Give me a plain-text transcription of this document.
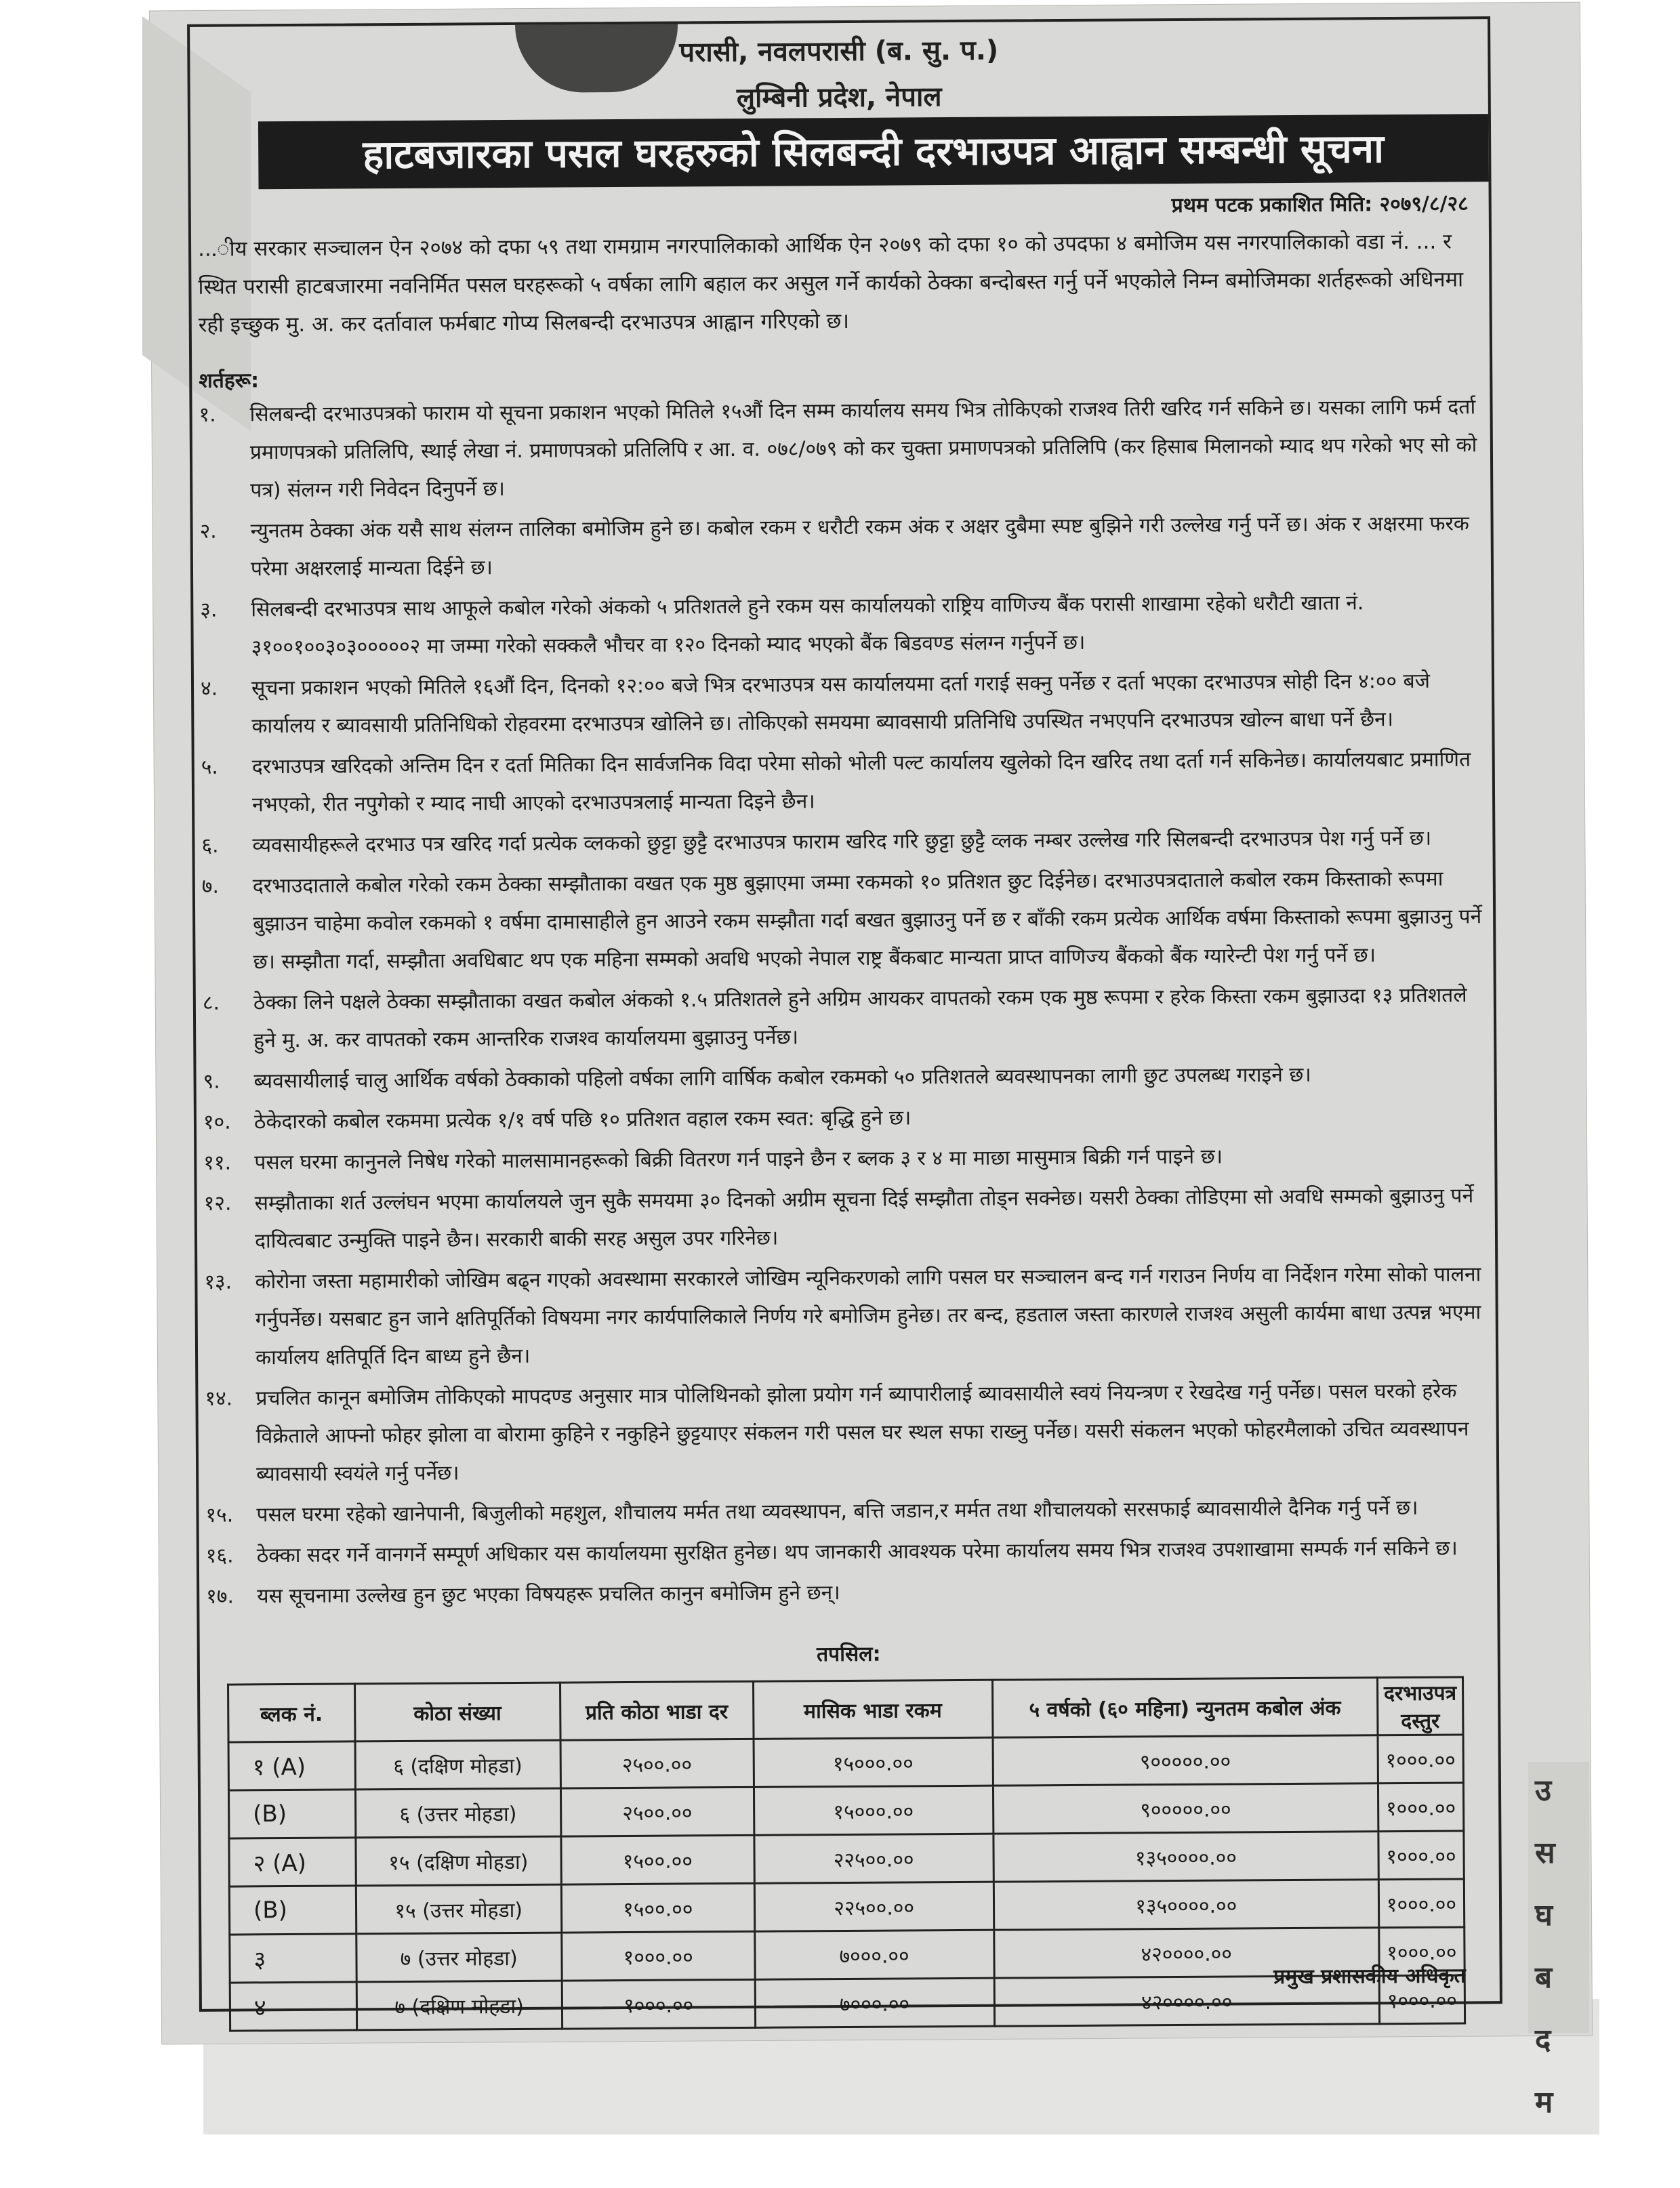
उ
स
घ
ब
द
म
परासी, नवलपरासी (ब. सु. प.)
लुम्बिनी प्रदेश, नेपाल
हाटबजारका पसल घरहरुको सिलबन्दी दरभाउपत्र आह्वान सम्बन्धी सूचना
प्रथम पटक प्रकाशित मिति: २०७९/८/२८
...ीय सरकार सञ्चालन ऐन २०७४ को दफा ५९ तथा रामग्राम नगरपालिकाको आर्थिक ऐन २०७९ को दफा १० को उपदफा ४ बमोजिम यस नगरपालिकाको वडा नं. ... र स्थित परासी हाटबजारमा नवनिर्मित पसल घरहरूको ५ वर्षका लागि बहाल कर असुल गर्ने कार्यको ठेक्का बन्दोबस्त गर्नु पर्ने भएकोले निम्न बमोजिमका शर्तहरूको अधिनमा रही इच्छुक मु. अ. कर दर्तावाल फर्मबाट गोप्य सिलबन्दी दरभाउपत्र आह्वान गरिएको छ।
शर्तहरू:
१.	सिलबन्दी दरभाउपत्रको फाराम यो सूचना प्रकाशन भएको मितिले १५औं दिन सम्म कार्यालय समय भित्र तोकिएको राजश्व तिरी खरिद गर्न सकिने छ। यसका लागि फर्म दर्ता प्रमाणपत्रको प्रतिलिपि, स्थाई लेखा नं. प्रमाणपत्रको प्रतिलिपि र आ. व. ०७८/०७९ को कर चुक्ता प्रमाणपत्रको प्रतिलिपि (कर हिसाब मिलानको म्याद थप गरेको भए सो को पत्र) संलग्न गरी निवेदन दिनुपर्ने छ।
२.	न्युनतम ठेक्का अंक यसै साथ संलग्न तालिका बमोजिम हुने छ। कबोल रकम र धरौटी रकम अंक र अक्षर दुबैमा स्पष्ट बुझिने गरी उल्लेख गर्नु पर्ने छ। अंक र अक्षरमा फरक परेमा अक्षरलाई मान्यता दिईने छ।
३.	सिलबन्दी दरभाउपत्र साथ आफूले कबोल गरेको अंकको ५ प्रतिशतले हुने रकम यस कार्यालयको राष्ट्रिय वाणिज्य बैंक परासी शाखामा रहेको धरौटी खाता नं. ३१००१००३०३०००००२ मा जम्मा गरेको सक्कलै भौचर वा १२० दिनको म्याद भएको बैंक बिडवण्ड संलग्न गर्नुपर्ने छ।
४.	सूचना प्रकाशन भएको मितिले १६औं दिन, दिनको १२:०० बजे भित्र दरभाउपत्र यस कार्यालयमा दर्ता गराई सक्नु पर्नेछ र दर्ता भएका दरभाउपत्र सोही दिन ४:०० बजे कार्यालय र ब्यावसायी प्रतिनिधिको रोहवरमा दरभाउपत्र खोलिने छ। तोकिएको समयमा ब्यावसायी प्रतिनिधि उपस्थित नभएपनि दरभाउपत्र खोल्न बाधा पर्ने छैन।
५.	दरभाउपत्र खरिदको अन्तिम दिन र दर्ता मितिका दिन सार्वजनिक विदा परेमा सोको भोली पल्ट कार्यालय खुलेको दिन खरिद तथा दर्ता गर्न सकिनेछ। कार्यालयबाट प्रमाणित नभएको, रीत नपुगेको र म्याद नाघी आएको दरभाउपत्रलाई मान्यता दिइने छैन।
६.	व्यवसायीहरूले दरभाउ पत्र खरिद गर्दा प्रत्येक व्लकको छुट्टा छुट्टै दरभाउपत्र फाराम खरिद गरि छुट्टा छुट्टै व्लक नम्बर उल्लेख गरि सिलबन्दी दरभाउपत्र पेश गर्नु पर्ने छ।
७.	दरभाउदाताले कबोल गरेको रकम ठेक्का सम्झौताका वखत एक मुष्ठ बुझाएमा जम्मा रकमको १० प्रतिशत छुट दिईनेछ। दरभाउपत्रदाताले कबोल रकम किस्ताको रूपमा बुझाउन चाहेमा कवोल रकमको १ वर्षमा दामासाहीले हुन आउने रकम सम्झौता गर्दा बखत बुझाउनु पर्ने छ र बाँकी रकम प्रत्येक आर्थिक वर्षमा किस्ताको रूपमा बुझाउनु पर्ने छ। सम्झौता गर्दा, सम्झौता अवधिबाट थप एक महिना सम्मको अवधि भएको नेपाल राष्ट्र बैंकबाट मान्यता प्राप्त वाणिज्य बैंकको बैंक ग्यारेन्टी पेश गर्नु पर्ने छ।
८.	ठेक्का लिने पक्षले ठेक्का सम्झौताका वखत कबोल अंकको १.५ प्रतिशतले हुने अग्रिम आयकर वापतको रकम एक मुष्ठ रूपमा र हरेक किस्ता रकम बुझाउदा १३ प्रतिशतले हुने मु. अ. कर वापतको रकम आन्तरिक राजश्व कार्यालयमा बुझाउनु पर्नेछ।
९.	ब्यवसायीलाई चालु आर्थिक वर्षको ठेक्काको पहिलो वर्षका लागि वार्षिक कबोल रकमको ५० प्रतिशतले ब्यवस्थापनका लागी छुट उपलब्ध गराइने छ।
१०.	ठेकेदारको कबोल रकममा प्रत्येक १/१ वर्ष पछि १० प्रतिशत वहाल रकम स्वत: बृद्धि हुने छ।
११.	पसल घरमा कानुनले निषेध गरेको मालसामानहरूको बिक्री वितरण गर्न पाइने छैन र ब्लक ३ र ४ मा माछा मासुमात्र बिक्री गर्न पाइने छ।
१२.	सम्झौताका शर्त उल्लंघन भएमा कार्यालयले जुन सुकै समयमा ३० दिनको अग्रीम सूचना दिई सम्झौता तोड्न सक्नेछ। यसरी ठेक्का तोडिएमा सो अवधि सम्मको बुझाउनु पर्ने दायित्वबाट उन्मुक्ति पाइने छैन। सरकारी बाकी सरह असुल उपर गरिनेछ।
१३.	कोरोना जस्ता महामारीको जोखिम बढ्न गएको अवस्थामा सरकारले जोखिम न्यूनिकरणको लागि पसल घर सञ्चालन बन्द गर्न गराउन निर्णय वा निर्देशन गरेमा सोको पालना गर्नुपर्नेछ। यसबाट हुन जाने क्षतिपूर्तिको विषयमा नगर कार्यपालिकाले निर्णय गरे बमोजिम हुनेछ। तर बन्द, हडताल जस्ता कारणले राजश्व असुली कार्यमा बाधा उत्पन्न भएमा कार्यालय क्षतिपूर्ति दिन बाध्य हुने छैन।
१४.	प्रचलित कानून बमोजिम तोकिएको मापदण्ड अनुसार मात्र पोलिथिनको झोला प्रयोग गर्न ब्यापारीलाई ब्यावसायीले स्वयं नियन्त्रण र रेखदेख गर्नु पर्नेछ। पसल घरको हरेक विक्रेताले आफ्नो फोहर झोला वा बोरामा कुहिने र नकुहिने छुट्टयाएर संकलन गरी पसल घर स्थल सफा राख्नु पर्नेछ। यसरी संकलन भएको फोहरमैलाको उचित व्यवस्थापन ब्यावसायी स्वयंले गर्नु पर्नेछ।
१५.	पसल घरमा रहेको खानेपानी, बिजुलीको महशुल, शौचालय मर्मत तथा व्यवस्थापन, बत्ति जडान,र मर्मत तथा शौचालयको सरसफाई ब्यावसायीले दैनिक गर्नु पर्ने छ।
१६.	ठेक्का सदर गर्ने वानगर्ने सम्पूर्ण अधिकार यस कार्यालयमा सुरक्षित हुनेछ। थप जानकारी आवश्यक परेमा कार्यालय समय भित्र राजश्व उपशाखामा सम्पर्क गर्न सकिने छ।
१७.	यस सूचनामा उल्लेख हुन छुट भएका विषयहरू प्रचलित कानुन बमोजिम हुने छन्।
तपसिल:
ब्लक नं.	कोठा संख्या	प्रति कोठा भाडा दर	मासिक भाडा रकम	५ वर्षको (६० महिना) न्युनतम कबोल अंक	दरभाउपत्र दस्तुर
१ (A)	६ (दक्षिण मोहडा)	२५००.००	१५०००.००	९०००००.००	१०००.००
(B)	६ (उत्तर मोहडा)	२५००.००	१५०००.००	९०००००.००	१०००.००
२ (A)	१५ (दक्षिण मोहडा)	१५००.००	२२५००.००	१३५००००.००	१०००.००
(B)	१५ (उत्तर मोहडा)	१५००.००	२२५००.००	१३५००००.००	१०००.००
३	७ (उत्तर मोहडा)	१०००.००	७०००.००	४२००००.००	१०००.००
४	७ (दक्षिण मोहडा)	१०००.००	७०००.००	४२००००.००	१०००.००
प्रमुख प्रशासकीय अधिकृत
